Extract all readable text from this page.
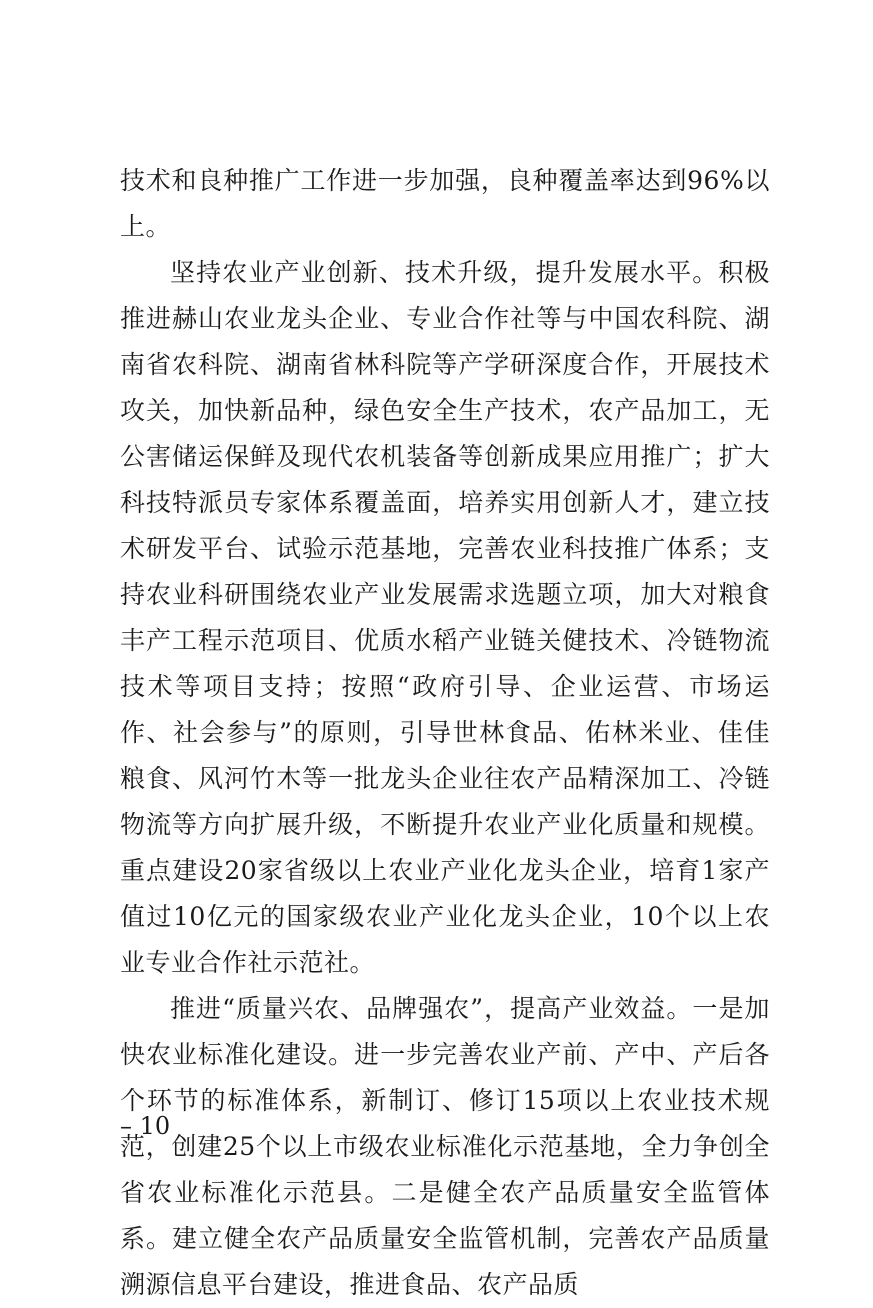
技术和良种推广工作进一步加强，良种覆盖率达到96%以上。

坚持农业产业创新、技术升级，提升发展水平。积极推进赫山农业龙头企业、专业合作社等与中国农科院、湖南省农科院、湖南省林科院等产学研深度合作，开展技术攻关，加快新品种，绿色安全生产技术，农产品加工，无公害储运保鲜及现代农机装备等创新成果应用推广；扩大科技特派员专家体系覆盖面，培养实用创新人才，建立技术研发平台、试验示范基地，完善农业科技推广体系；支持农业科研围绕农业产业发展需求选题立项，加大对粮食丰产工程示范项目、优质水稻产业链关健技术、冷链物流技术等项目支持；按照“政府引导、企业运营、市场运作、社会参与”的原则，引导世林食品、佑林米业、佳佳粮食、风河竹木等一批龙头企业往农产品精深加工、冷链物流等方向扩展升级，不断提升农业产业化质量和规模。重点建设20家省级以上农业产业化龙头企业，培育1家产值过10亿元的国家级农业产业化龙头企业，10个以上农业专业合作社示范社。

推进“质量兴农、品牌强农”，提高产业效益。一是加快农业标准化建设。进一步完善农业产前、产中、产后各个环节的标准体系，新制订、修订15项以上农业技术规范，创建25个以上市级农业标准化示范基地，全力争创全省农业标准化示范县。二是健全农产品质量安全监管体系。建立健全农产品质量安全监管机制，完善农产品质量溯源信息平台建设，推进食品、农产品质

– 10
